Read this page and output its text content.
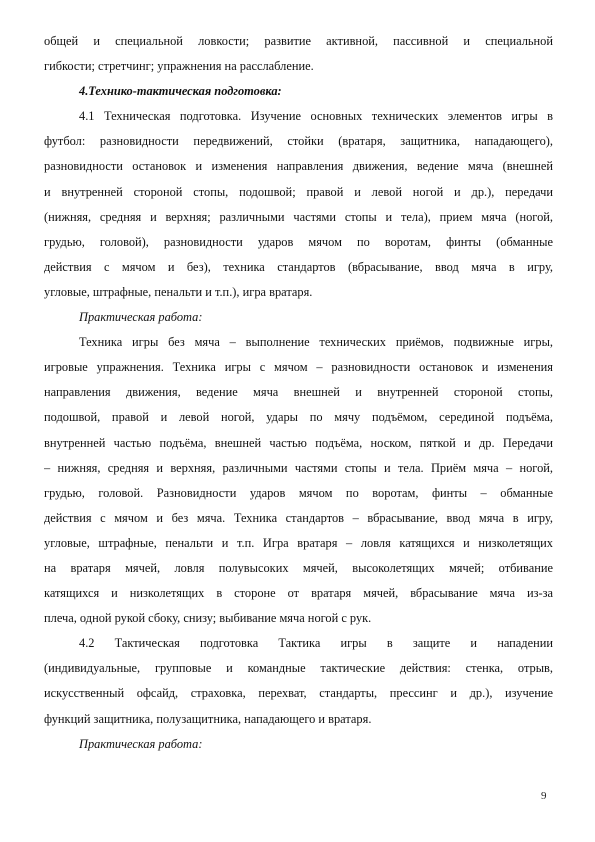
общей и специальной ловкости; развитие активной, пассивной и специальной
гибкости; стретчинг; упражнения на расслабление.
4.Технико-тактическая подготовка:
4.1 Техническая подготовка. Изучение основных технических элементов игры в
футбол: разновидности передвижений, стойки (вратаря, защитника, нападающего),
разновидности остановок и изменения направления движения, ведение мяча (внешней
и внутренней стороной стопы, подошвой; правой и левой ногой и др.), передачи
(нижняя, средняя и верхняя; различными частями стопы и тела), прием мяча (ногой,
грудью, головой), разновидности ударов мячом по воротам, финты (обманные
действия с мячом и без), техника стандартов (вбрасывание, ввод мяча в игру,
угловые, штрафные, пенальти и т.п.), игра вратаря.
Практическая работа:
Техника игры без мяча – выполнение технических приёмов, подвижные игры,
игровые упражнения. Техника игры с мячом – разновидности остановок и изменения
направления движения, ведение мяча внешней и внутренней стороной стопы,
подошвой, правой и левой ногой, удары по мячу подъёмом, серединой подъёма,
внутренней частью подъёма, внешней частью подъёма, носком, пяткой и др. Передачи
– нижняя, средняя и верхняя, различными частями стопы и тела. Приём мяча – ногой,
грудью, головой. Разновидности ударов мячом по воротам, финты – обманные
действия с мячом и без мяча. Техника стандартов – вбрасывание, ввод мяча в игру,
угловые, штрафные, пенальти и т.п. Игра вратаря – ловля катящихся и низколетящих
на вратаря мячей, ловля полувысоких мячей, высоколетящих мячей; отбивание
катящихся и низколетящих в стороне от вратаря мячей, вбрасывание мяча из-за
плеча, одной рукой сбоку, снизу; выбивание мяча ногой с рук.
4.2 Тактическая подготовка Тактика игры в защите и нападении
(индивидуальные, групповые и командные тактические действия: стенка, отрыв,
искусственный офсайд, страховка, перехват, стандарты, прессинг и др.), изучение
функций защитника, полузащитника, нападающего и вратаря.
Практическая работа:
9
